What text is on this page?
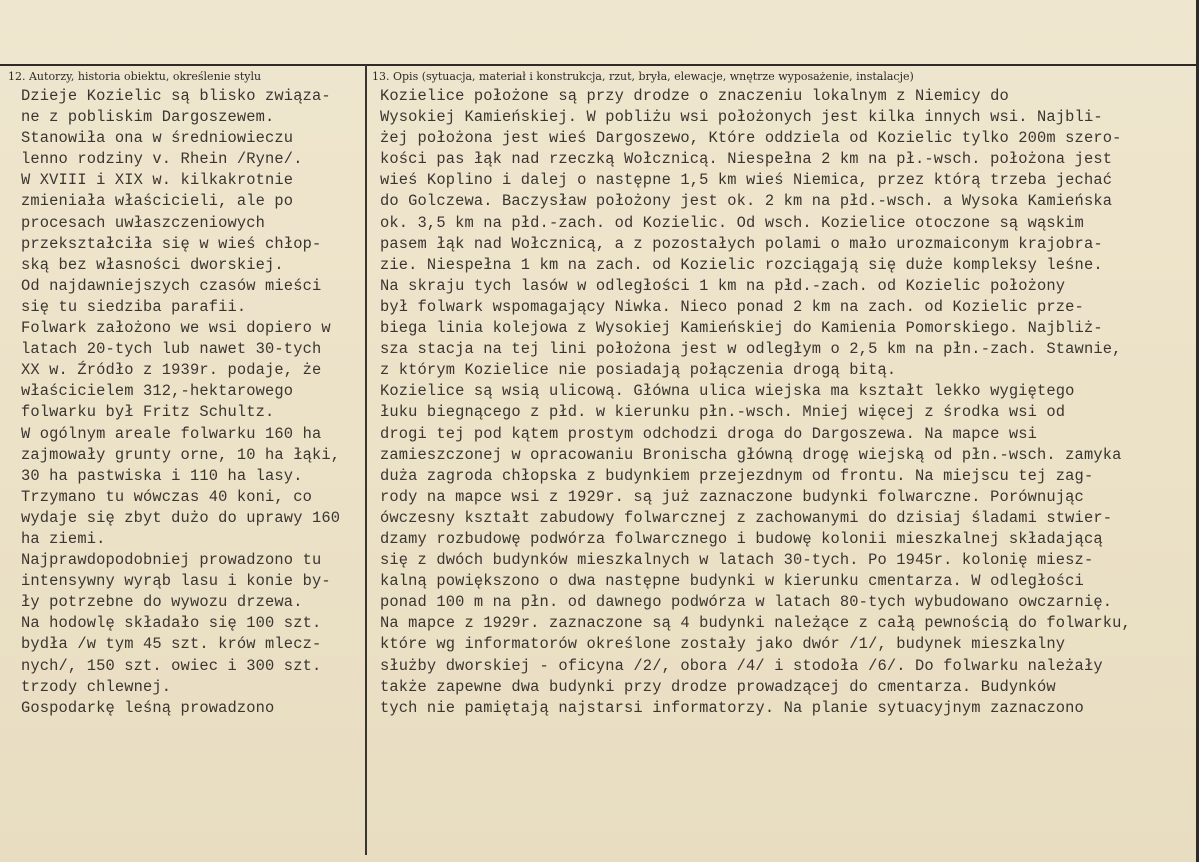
12. Autorzy, historia obiektu, określenie stylu	13. Opis (sytuacja, materiał i konstrukcja, rzut, bryła, elewacje, wnętrze wyposażenie, instalacje)
Dzieje Kozielic są blisko związa-
ne z pobliskim Dargoszewem.
Stanowiła ona w średniowieczu
lenno rodziny v. Rhein /Ryne/.
W XVIII i XIX w. kilkakrotnie
zmieniała właścicieli, ale po
procesach uwłaszczeniowych
przekształciła się w wieś chłop-
ską bez własności dworskiej.
Od najdawniejszych czasów mieści
się tu siedziba parafii.
Folwark założono we wsi dopiero w
latach 20-tych lub nawet 30-tych
XX w. Źródło z 1939r. podaje, że
właścicielem 312,-hektarowego
folwarku był Fritz Schultz.
W ogólnym areale folwarku 160 ha
zajmowały grunty orne, 10 ha łąki,
30 ha pastwiska i 110 ha lasy.
Trzymano tu wówczas 40 koni, co
wydaje się zbyt dużo do uprawy 160
ha ziemi.
Najprawdopodobniej prowadzono tu
intensywny wyrąb lasu i konie by-
ły potrzebne do wywozu drzewa.
Na hodowlę składało się 100 szt.
bydła /w tym 45 szt. krów mlecz-
nych/, 150 szt. owiec i 300 szt.
trzody chlewnej.
Gospodarkę leśną prowadzono
Kozielice położone są przy drodze o znaczeniu lokalnym z Niemicy do
Wysokiej Kamieńskiej. W pobliżu wsi położonych jest kilka innych wsi. Najbli-
żej położona jest wieś Dargoszewo, Które oddziela od Kozielic tylko 200m szero-
kości pas łąk nad rzeczką Wołcznicą. Niespełna 2 km na pł.-wsch. położona jest
wieś Koplino i dalej o następne 1,5 km wieś Niemica, przez którą trzeba jechać
do Golczewa. Baczysław położony jest ok. 2 km na płd.-wsch. a Wysoka Kamieńska
ok. 3,5 km na płd.-zach. od Kozielic. Od wsch. Kozielice otoczone są wąskim
pasem łąk nad Wołcznicą, a z pozostałych polami o mało urozmaiconym krajobra-
zie. Niespełna 1 km na zach. od Kozielic rozciągają się duże kompleksy leśne.
Na skraju tych lasów w odległości 1 km na płd.-zach. od Kozielic położony
był folwark wspomagający Niwka. Nieco ponad 2 km na zach. od Kozielic prze-
biega linia kolejowa z Wysokiej Kamieńskiej do Kamienia Pomorskiego. Najbliż-
sza stacja na tej lini położona jest w odległym o 2,5 km na płn.-zach. Stawnie,
z którym Kozielice nie posiadają połączenia drogą bitą.
Kozielice są wsią ulicową. Główna ulica wiejska ma kształt lekko wygiętego
łuku biegnącego z płd. w kierunku płn.-wsch. Mniej więcej z środka wsi od
drogi tej pod kątem prostym odchodzi droga do Dargoszewa. Na mapce wsi
zamieszczonej w opracowaniu Bronischa główną drogę wiejską od płn.-wsch. zamyka
duża zagroda chłopska z budynkiem przejezdnym od frontu. Na miejscu tej zag-
rody na mapce wsi z 1929r. są już zaznaczone budynki folwarczne. Porównując
ówczesny kształt zabudowy folwarcznej z zachowanymi do dzisiaj śladami stwier-
dzamy rozbudowę podwórza folwarcznego i budowę kolonii mieszkalnej składającą
się z dwóch budynków mieszkalnych w latach 30-tych. Po 1945r. kolonię miesz-
kalną powiększono o dwa następne budynki w kierunku cmentarza. W odległości
ponad 100 m na płn. od dawnego podwórza w latach 80-tych wybudowano owczarnię.
Na mapce z 1929r. zaznaczone są 4 budynki należące z całą pewnością do folwarku,
które wg informatorów określone zostały jako dwór /1/, budynek mieszkalny
służby dworskiej - oficyna /2/, obora /4/ i stodoła /6/. Do folwarku należały
także zapewne dwa budynki przy drodze prowadzącej do cmentarza. Budynków
tych nie pamiętają najstarsi informatorzy. Na planie sytuacyjnym zaznaczono
